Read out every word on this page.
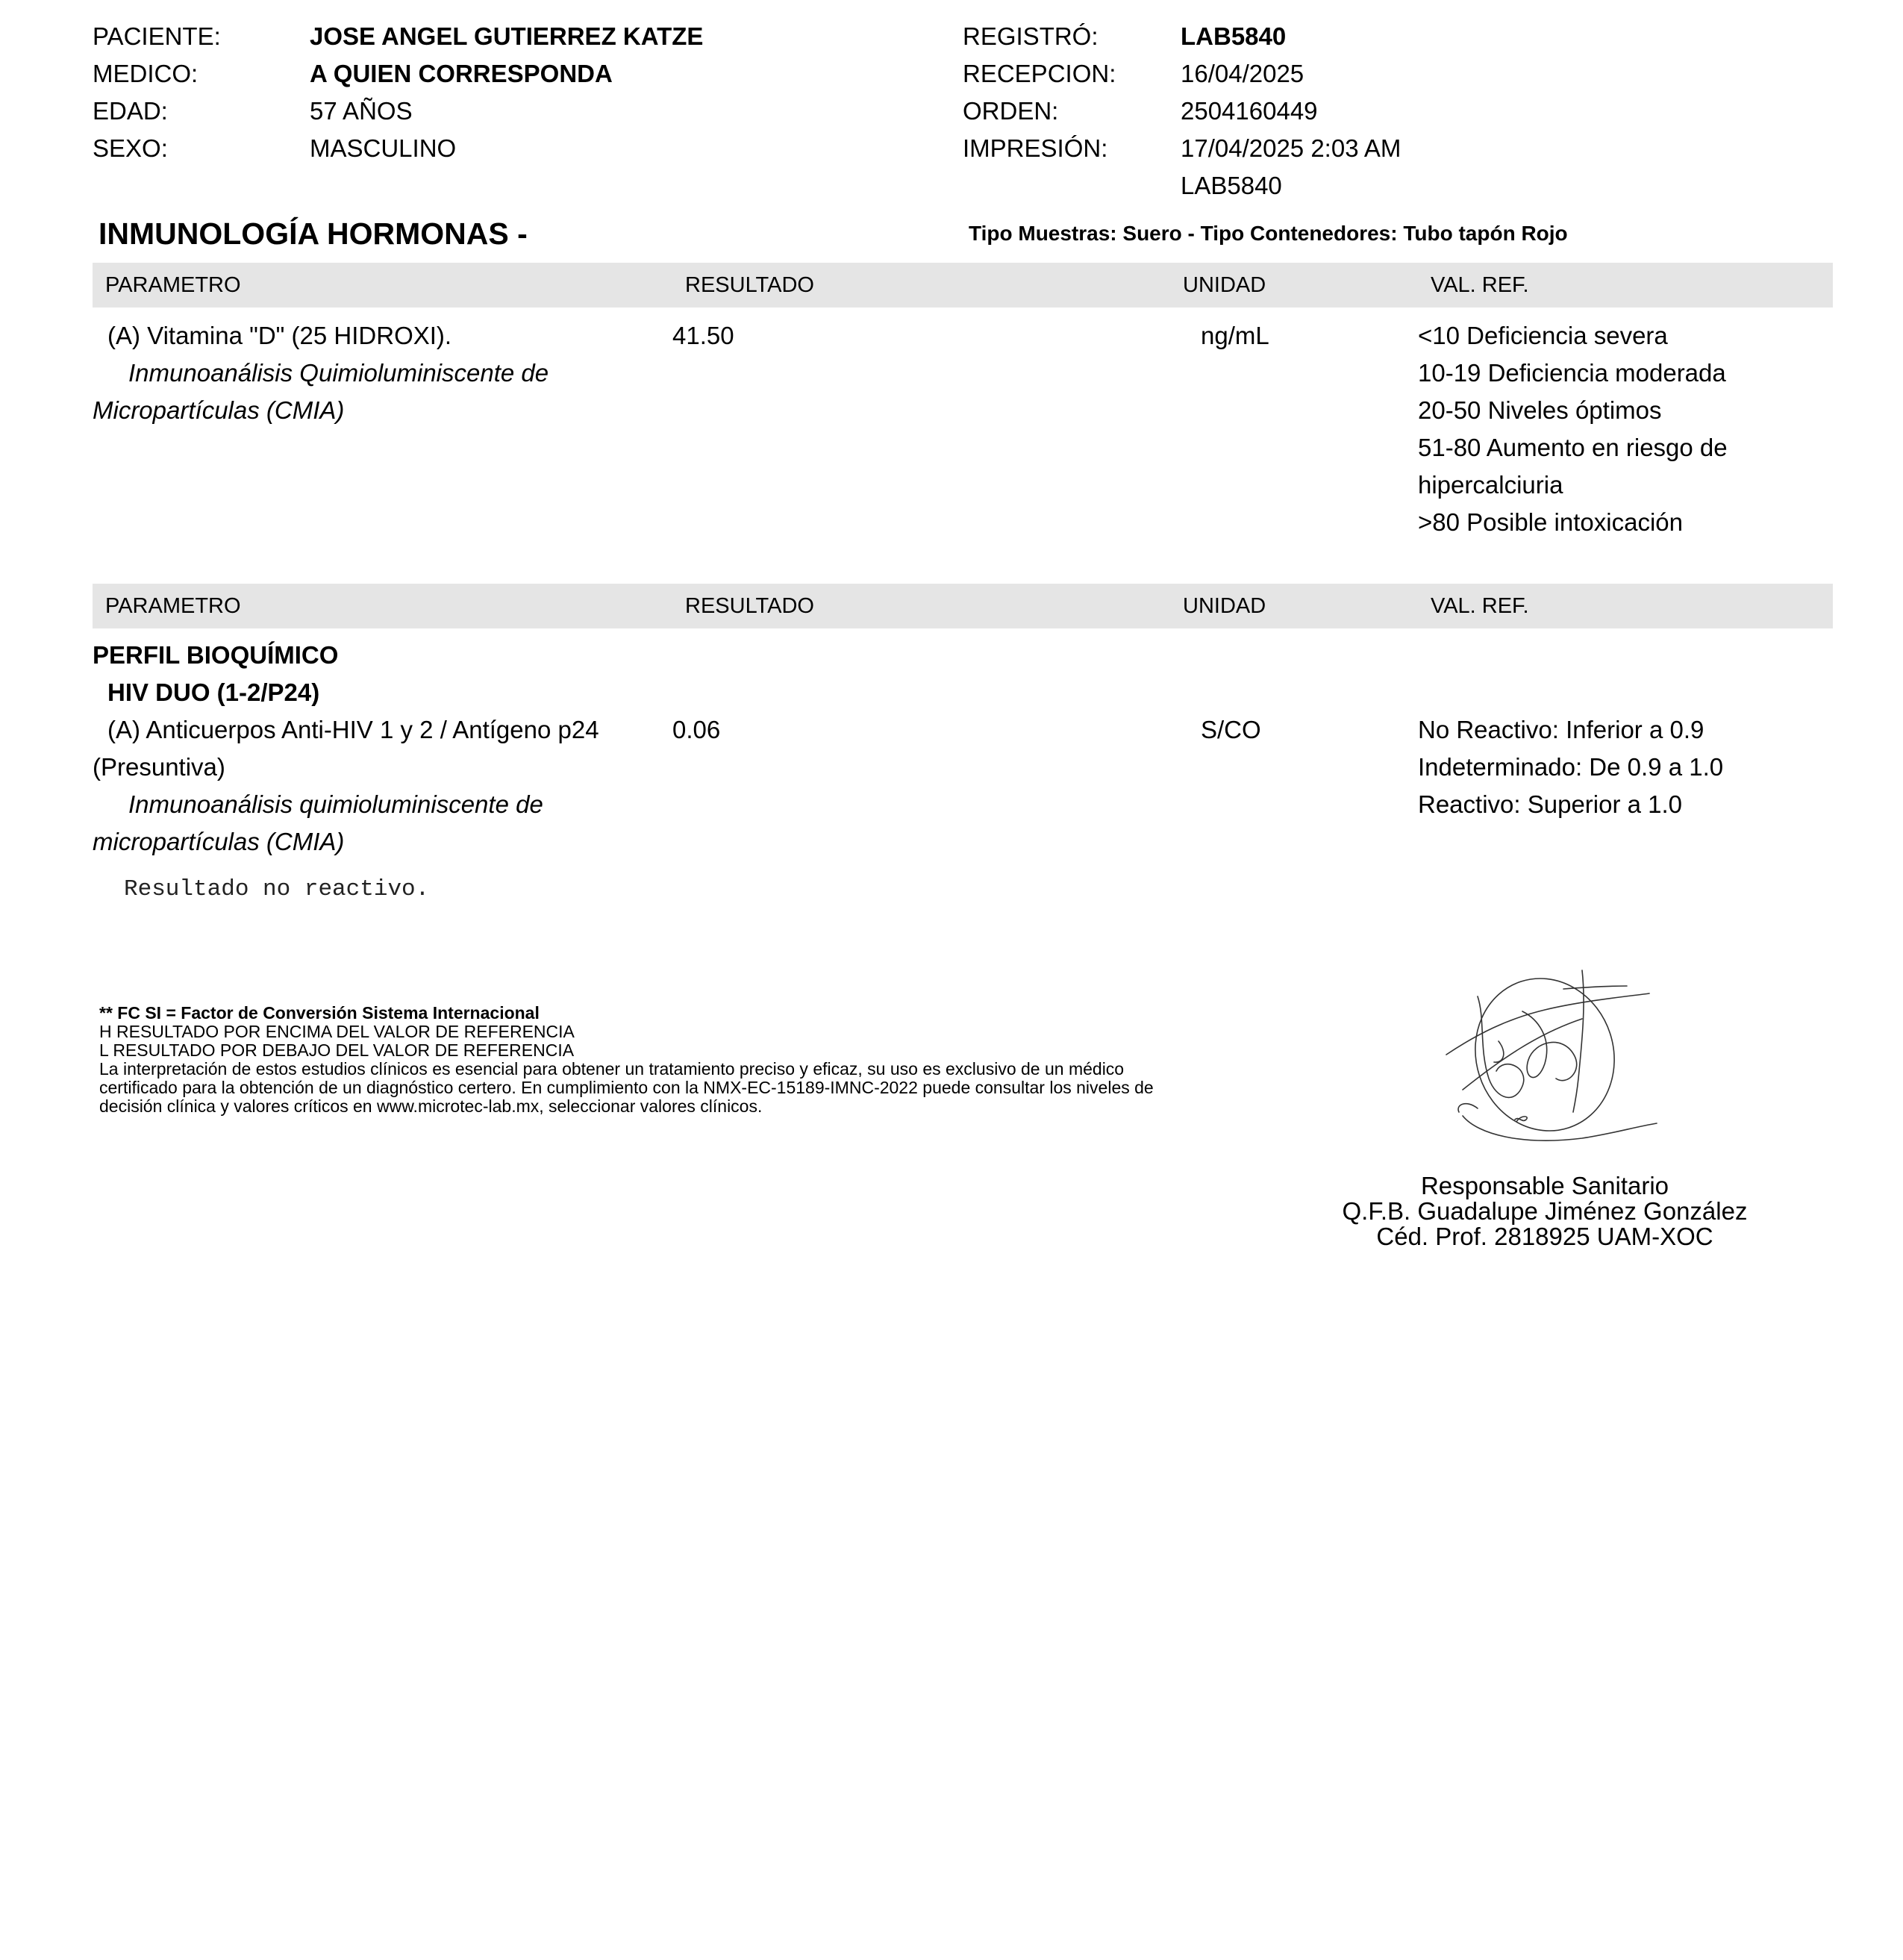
PACIENTE:	JOSE ANGEL GUTIERREZ KATZE
MEDICO:	A QUIEN CORRESPONDA
EDAD:	57 AÑOS
SEXO:	MASCULINO
REGISTRÓ:	LAB5840
RECEPCION:	16/04/2025
ORDEN:	2504160449
IMPRESIÓN:	17/04/2025 2:03 AM
LAB5840
INMUNOLOGÍA HORMONAS -	Tipo Muestras: Suero - Tipo Contenedores: Tubo tapón Rojo
PARAMETRO	RESULTADO	UNIDAD	VAL. REF.
(A) Vitamina "D" (25 HIDROXI).
Inmunoanálisis Quimioluminiscente de
Micropartículas (CMIA)
41.50	ng/mL	<10 Deficiencia severa
10-19 Deficiencia moderada
20-50 Niveles óptimos
51-80 Aumento en riesgo de
hipercalciuria
>80 Posible intoxicación
PARAMETRO	RESULTADO	UNIDAD	VAL. REF.
PERFIL BIOQUÍMICO
HIV DUO (1-2/P24)
(A) Anticuerpos Anti-HIV 1 y 2 / Antígeno p24
(Presuntiva)
Inmunoanálisis quimioluminiscente de
micropartículas (CMIA)
0.06	S/CO	No Reactivo: Inferior a 0.9
Indeterminado: De 0.9 a 1.0
Reactivo: Superior a 1.0
Resultado no reactivo.
** FC SI = Factor de Conversión Sistema Internacional
H RESULTADO POR ENCIMA DEL VALOR DE REFERENCIA
L RESULTADO POR DEBAJO DEL VALOR DE REFERENCIA
La interpretación de estos estudios clínicos es esencial para obtener un tratamiento preciso y eficaz, su uso es exclusivo de un médico
certificado para la obtención de un diagnóstico certero. En cumplimiento con la NMX-EC-15189-IMNC-2022 puede consultar los niveles de
decisión clínica y valores críticos en www.microtec-lab.mx, seleccionar valores clínicos.
Responsable Sanitario
Q.F.B. Guadalupe Jiménez González
Céd. Prof. 2818925 UAM-XOC
